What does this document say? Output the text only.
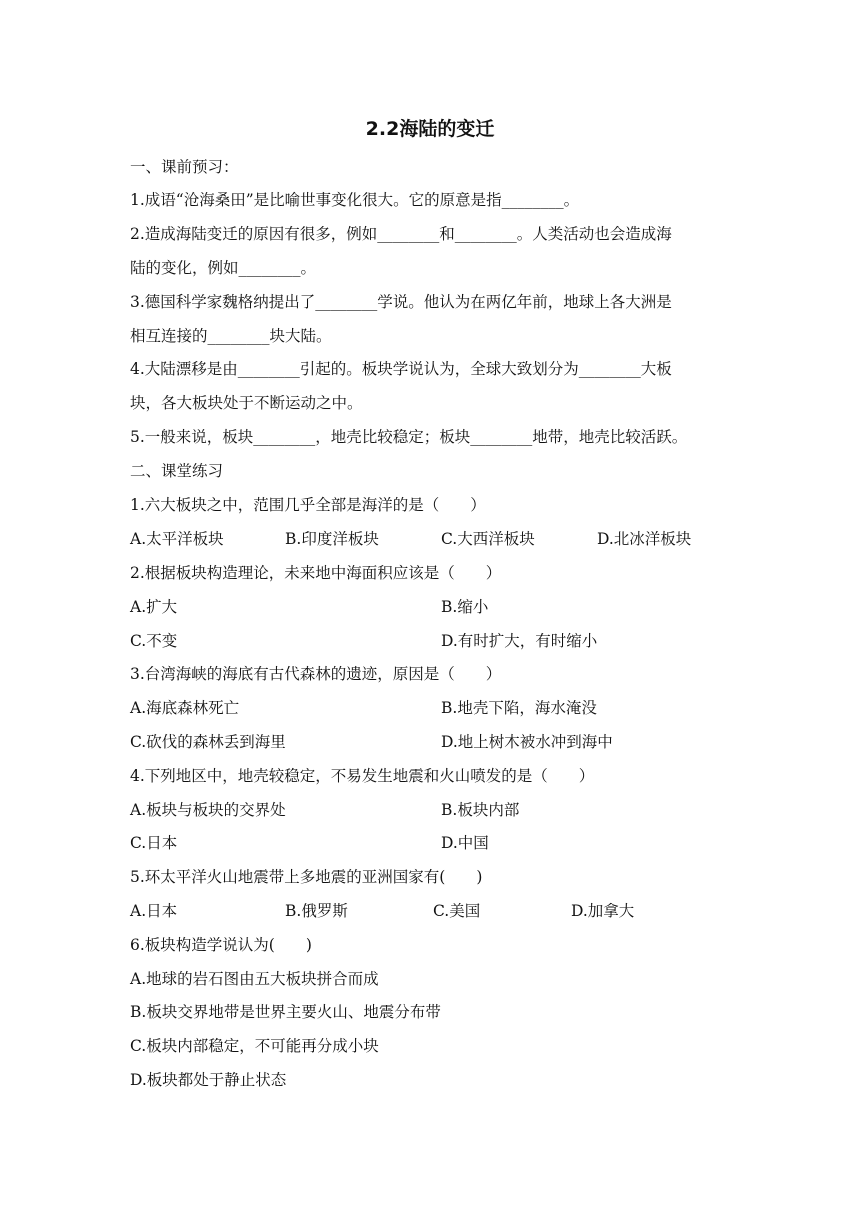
2.2海陆的变迁
一、课前预习：
1.成语“沧海桑田”是比喻世事变化很大。它的原意是指________。
2.造成海陆变迁的原因有很多，例如________和________。人类活动也会造成海
陆的变化，例如________。
3.德国科学家魏格纳提出了________学说。他认为在两亿年前，地球上各大洲是
相互连接的________块大陆。
4.大陆漂移是由________引起的。板块学说认为，全球大致划分为________大板
块，各大板块处于不断运动之中。
5.一般来说，板块________，地壳比较稳定；板块________地带，地壳比较活跃。
二、课堂练习
1.六大板块之中，范围几乎全部是海洋的是（　　）
A.太平洋板块	B.印度洋板块	C.大西洋板块	D.北冰洋板块
2.根据板块构造理论，未来地中海面积应该是（　　）
A.扩大	B.缩小
C.不变	D.有时扩大，有时缩小
3.台湾海峡的海底有古代森林的遗迹，原因是（　　）
A.海底森林死亡	B.地壳下陷，海水淹没
C.砍伐的森林丢到海里	D.地上树木被水冲到海中
4.下列地区中，地壳较稳定，不易发生地震和火山喷发的是（　　）
A.板块与板块的交界处	B.板块内部
C.日本	D.中国
5.环太平洋火山地震带上多地震的亚洲国家有(　　)
A.日本	B.俄罗斯	C.美国	D.加拿大
6.板块构造学说认为(　　)
A.地球的岩石图由五大板块拼合而成
B.板块交界地带是世界主要火山、地震分布带
C.板块内部稳定，不可能再分成小块
D.板块都处于静止状态
